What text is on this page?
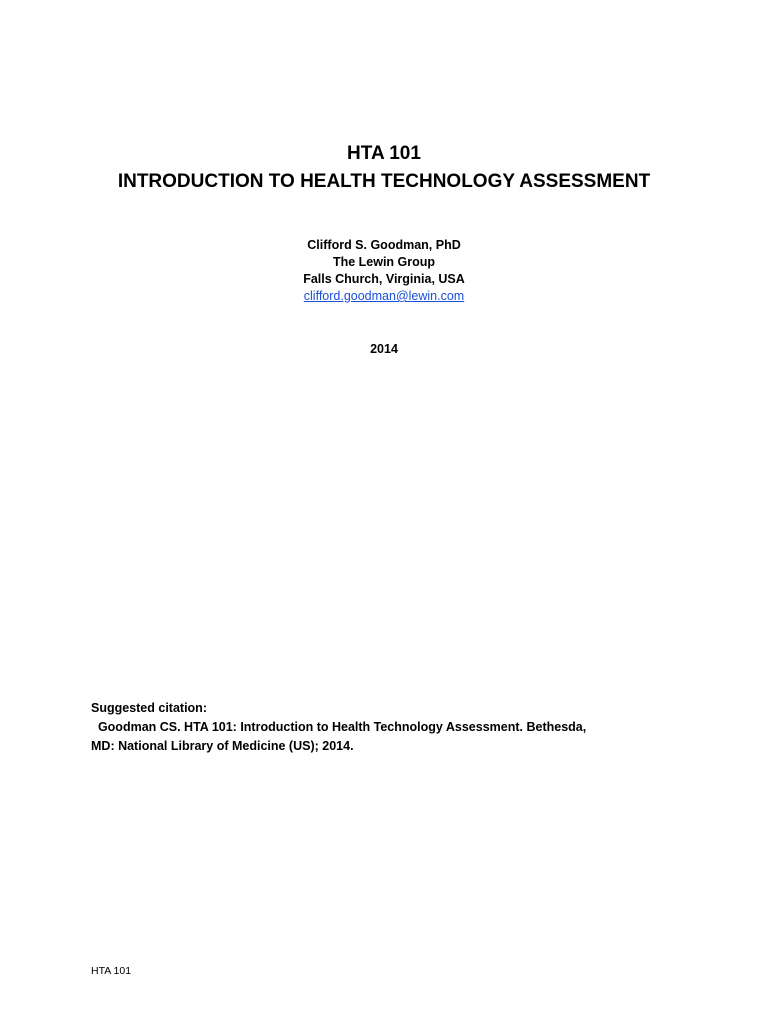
HTA 101
INTRODUCTION TO HEALTH TECHNOLOGY ASSESSMENT
Clifford S. Goodman, PhD
The Lewin Group
Falls Church, Virginia, USA
clifford.goodman@lewin.com
2014
Suggested citation:  Goodman CS. HTA 101: Introduction to Health Technology Assessment. Bethesda,
MD: National Library of Medicine (US); 2014.
HTA 101
